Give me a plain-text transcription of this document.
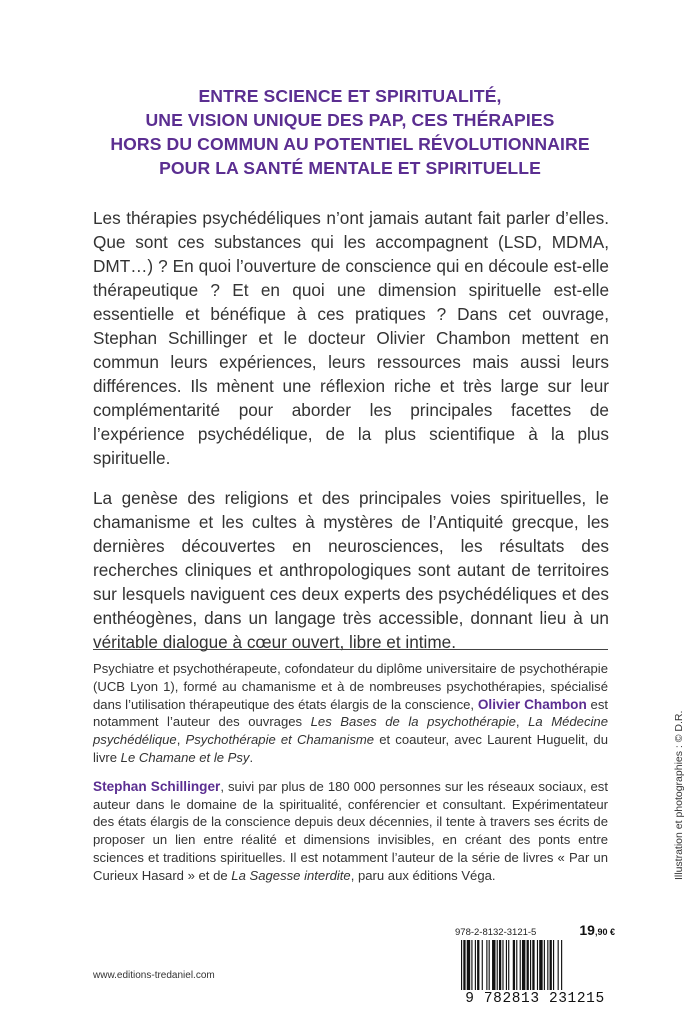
ENTRE SCIENCE ET SPIRITUALITÉ,
UNE VISION UNIQUE DES PAP, CES THÉRAPIES
HORS DU COMMUN AU POTENTIEL RÉVOLUTIONNAIRE
POUR LA SANTÉ MENTALE ET SPIRITUELLE

Les thérapies psychédéliques n’ont jamais autant fait parler d’elles. Que sont ces substances qui les accompagnent (LSD, MDMA, DMT…) ? En quoi l’ouverture de conscience qui en découle est-elle thérapeutique ? Et en quoi une dimension spirituelle est-elle essentielle et bénéfique à ces pratiques ? Dans cet ouvrage, Stephan Schillinger et le docteur Olivier Chambon mettent en commun leurs expériences, leurs ressources mais aussi leurs différences. Ils mènent une réflexion riche et très large sur leur complémentarité pour aborder les principales facettes de l’expérience psychédélique, de la plus scientifique à la plus spirituelle.

La genèse des religions et des principales voies spirituelles, le chamanisme et les cultes à mystères de l’Antiquité grecque, les dernières découvertes en neurosciences, les résultats des recherches cliniques et anthropologiques sont autant de territoires sur lesquels naviguent ces deux experts des psychédéliques et des enthéogènes, dans un langage très accessible, donnant lieu à un véritable dialogue à cœur ouvert, libre et intime.

Psychiatre et psychothérapeute, cofondateur du diplôme universitaire de psychothérapie (UCB Lyon 1), formé au chamanisme et à de nombreuses psychothérapies, spécialisé dans l’utilisation thérapeutique des états élargis de la conscience, Olivier Chambon est notamment l’auteur des ouvrages Les Bases de la psychothérapie, La Médecine psychédélique, Psychothérapie et Chamanisme et coauteur, avec Laurent Huguelit, du livre Le Chamane et le Psy.

Stephan Schillinger, suivi par plus de 180 000 personnes sur les réseaux sociaux, est auteur dans le domaine de la spiritualité, conférencier et consultant. Expérimentateur des états élargis de la conscience depuis deux décennies, il tente à travers ses écrits de proposer un lien entre réalité et dimensions invisibles, en créant des ponts entre sciences et traditions spirituelles. Il est notamment l’auteur de la série de livres « Par un Curieux Hasard » et de La Sagesse interdite, paru aux éditions Véga.

978-2-8132-3121-5	19,90 €
9 782813 231215
www.editions-tredaniel.com
Illustration et photographies : © D.R.
